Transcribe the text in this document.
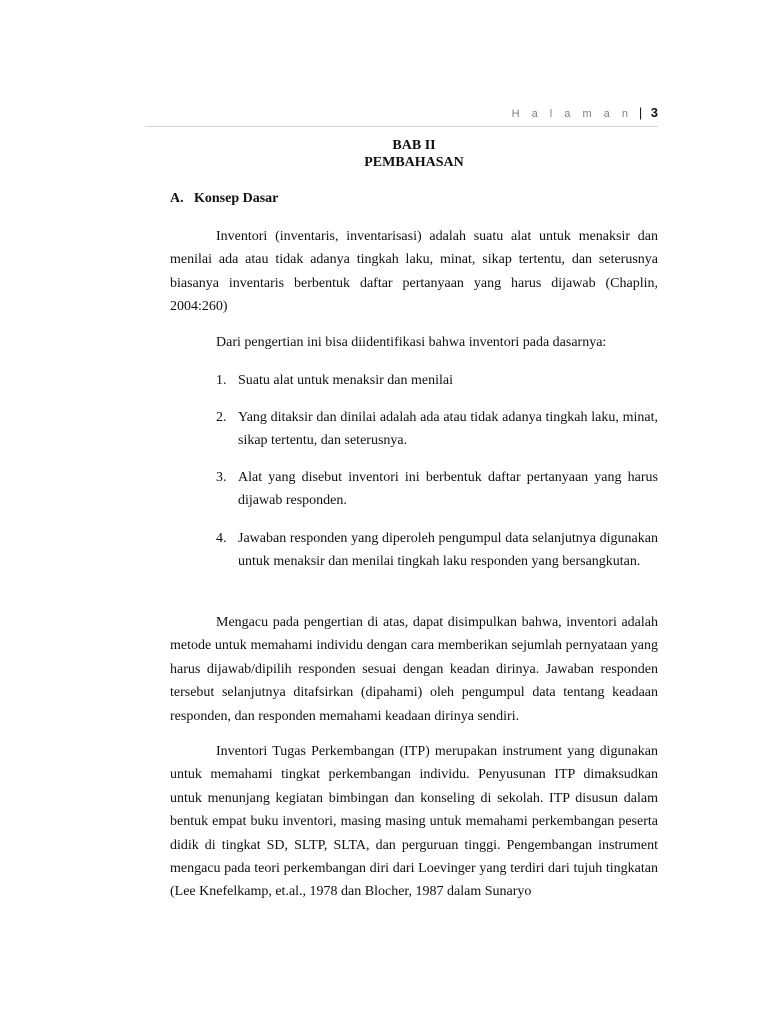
H a l a m a n | 3
BAB II
PEMBAHASAN
A. Konsep Dasar

Inventori (inventaris, inventarisasi) adalah suatu alat untuk menaksir dan menilai ada atau tidak adanya tingkah laku, minat, sikap tertentu, dan seterusnya biasanya inventaris berbentuk daftar pertanyaan yang harus dijawab (Chaplin, 2004:260)

Dari pengertian ini bisa diidentifikasi bahwa inventori pada dasarnya:

1. Suatu alat untuk menaksir dan menilai
2. Yang ditaksir dan dinilai adalah ada atau tidak adanya tingkah laku, minat, sikap tertentu, dan seterusnya.
3. Alat yang disebut inventori ini berbentuk daftar pertanyaan yang harus dijawab responden.
4. Jawaban responden yang diperoleh pengumpul data selanjutnya digunakan untuk menaksir dan menilai tingkah laku responden yang bersangkutan.

Mengacu pada pengertian di atas, dapat disimpulkan bahwa, inventori adalah metode untuk memahami individu dengan cara memberikan sejumlah pernyataan yang harus dijawab/dipilih responden sesuai dengan keadan dirinya. Jawaban responden tersebut selanjutnya ditafsirkan (dipahami) oleh pengumpul data tentang keadaan responden, dan responden memahami keadaan dirinya sendiri.

Inventori Tugas Perkembangan (ITP) merupakan instrument yang digunakan untuk memahami tingkat perkembangan individu. Penyusunan ITP dimaksudkan untuk menunjang kegiatan bimbingan dan konseling di sekolah. ITP disusun dalam bentuk empat buku inventori, masing masing untuk memahami perkembangan peserta didik di tingkat SD, SLTP, SLTA, dan perguruan tinggi. Pengembangan instrument mengacu pada teori perkembangan diri dari Loevinger yang terdiri dari tujuh tingkatan (Lee Knefelkamp, et.al., 1978 dan Blocher, 1987 dalam Sunaryo
